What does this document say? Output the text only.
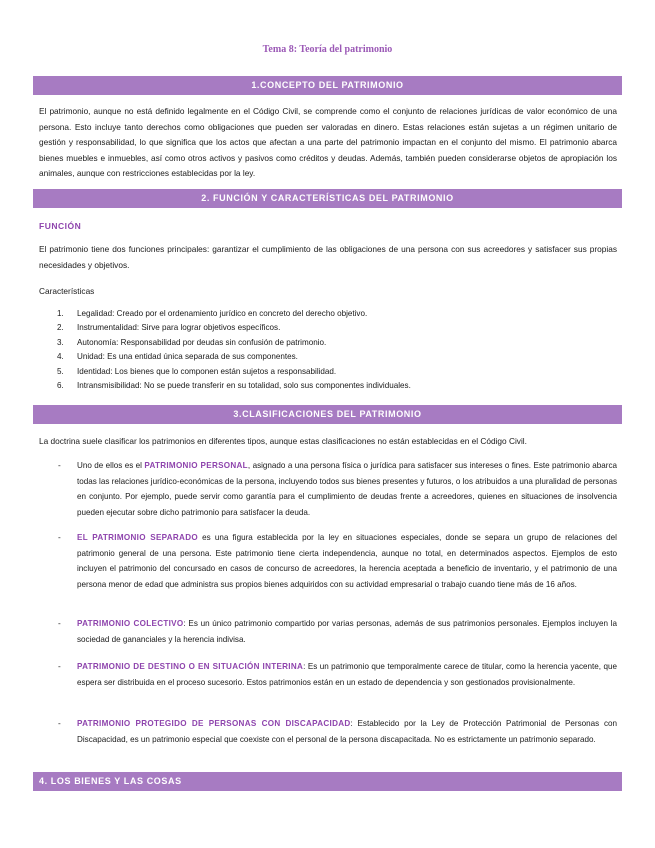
Tema 8: Teoría del patrimonio
1.CONCEPTO DEL PATRIMONIO

El patrimonio, aunque no está definido legalmente en el Código Civil, se comprende como el conjunto de relaciones jurídicas de valor económico de una persona. Esto incluye tanto derechos como obligaciones que pueden ser valoradas en dinero. Estas relaciones están sujetas a un régimen unitario de gestión y responsabilidad, lo que significa que los actos que afectan a una parte del patrimonio impactan en el conjunto del mismo. El patrimonio abarca bienes muebles e inmuebles, así como otros activos y pasivos como créditos y deudas. Además, también pueden considerarse objetos de apropiación los animales, aunque con restricciones establecidas por la ley.

2. FUNCIÓN Y CARACTERÍSTICAS DEL PATRIMONIO
FUNCIÓN

El patrimonio tiene dos funciones principales: garantizar el cumplimiento de las obligaciones de una persona con sus acreedores y satisfacer sus propias necesidades y objetivos.

Características
1.	Legalidad: Creado por el ordenamiento jurídico en concreto del derecho objetivo.
2.	Instrumentalidad: Sirve para lograr objetivos específicos.
3.	Autonomía: Responsabilidad por deudas sin confusión de patrimonio.
4.	Unidad: Es una entidad única separada de sus componentes.
5.	Identidad: Los bienes que lo componen están sujetos a responsabilidad.
6.	Intransmisibilidad: No se puede transferir en su totalidad, solo sus componentes individuales.
3.CLASIFICACIONES DEL PATRIMONIO

La doctrina suele clasificar los patrimonios en diferentes tipos, aunque estas clasificaciones no están establecidas en el Código Civil.

-	Uno de ellos es el PATRIMONIO PERSONAL, asignado a una persona física o jurídica para satisfacer sus intereses o fines. Este patrimonio abarca todas las relaciones jurídico-económicas de la persona, incluyendo todos sus bienes presentes y futuros, o los atribuidos a una pluralidad de personas en conjunto. Por ejemplo, puede servir como garantía para el cumplimiento de deudas frente a acreedores, quienes en situaciones de insolvencia pueden ejecutar sobre dicho patrimonio para satisfacer la deuda.
-	EL PATRIMONIO SEPARADO es una figura establecida por la ley en situaciones especiales, donde se separa un grupo de relaciones del patrimonio general de una persona. Este patrimonio tiene cierta independencia, aunque no total, en determinados aspectos. Ejemplos de esto incluyen el patrimonio del concursado en casos de concurso de acreedores, la herencia aceptada a beneficio de inventario, y el patrimonio de una persona menor de edad que administra sus propios bienes adquiridos con su actividad empresarial o trabajo cuando tiene más de 16 años.
-	PATRIMONIO COLECTIVO: Es un único patrimonio compartido por varias personas, además de sus patrimonios personales. Ejemplos incluyen la sociedad de gananciales y la herencia indivisa.
-	PATRIMONIO DE DESTINO O EN SITUACIÓN INTERINA: Es un patrimonio que temporalmente carece de titular, como la herencia yacente, que espera ser distribuida en el proceso sucesorio. Estos patrimonios están en un estado de dependencia y son gestionados provisionalmente.
-	PATRIMONIO PROTEGIDO DE PERSONAS CON DISCAPACIDAD: Establecido por la Ley de Protección Patrimonial de Personas con Discapacidad, es un patrimonio especial que coexiste con el personal de la persona discapacitada. No es estrictamente un patrimonio separado.
4. LOS BIENES Y LAS COSAS
